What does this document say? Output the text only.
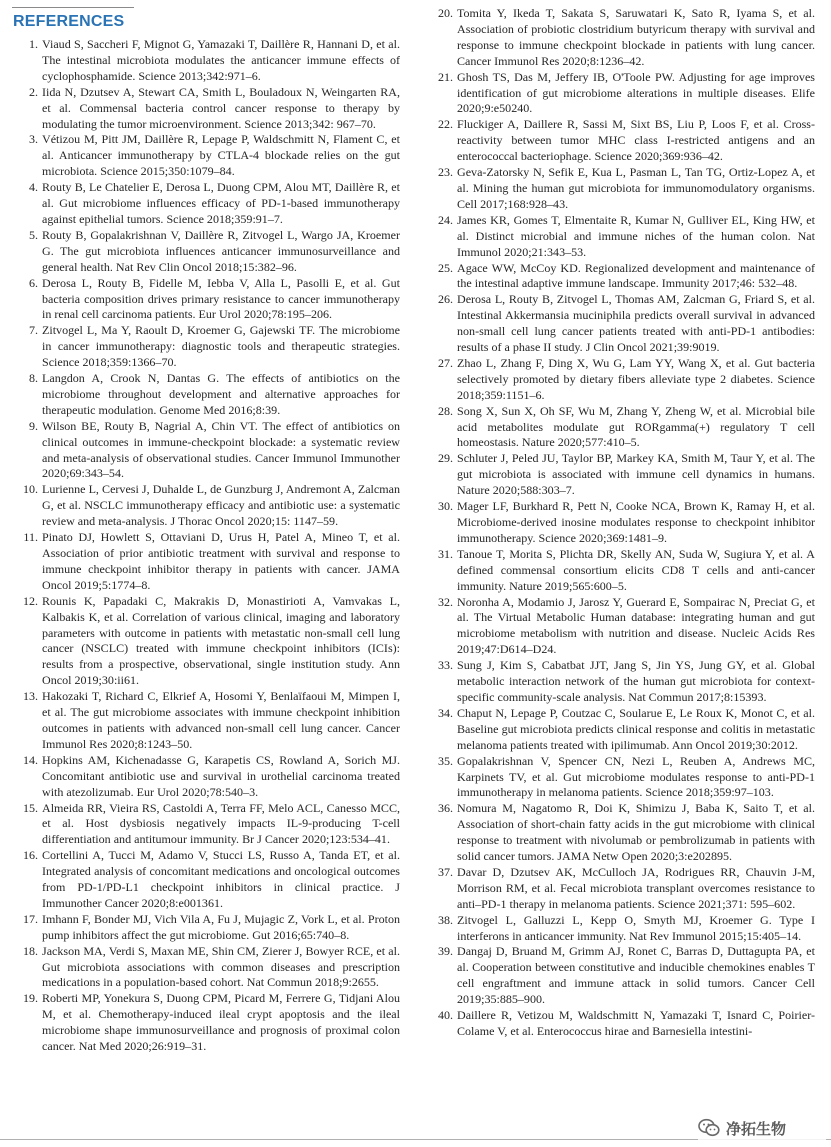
REFERENCES
1. Viaud S, Saccheri F, Mignot G, Yamazaki T, Daillère R, Hannani D, et al. The intestinal microbiota modulates the anticancer immune effects of cyclophosphamide. Science 2013;342:971–6.
2. Iida N, Dzutsev A, Stewart CA, Smith L, Bouladoux N, Weingarten RA, et al. Commensal bacteria control cancer response to therapy by modulating the tumor microenvironment. Science 2013;342: 967–70.
3. Vétizou M, Pitt JM, Daillère R, Lepage P, Waldschmitt N, Flament C, et al. Anticancer immunotherapy by CTLA-4 blockade relies on the gut microbiota. Science 2015;350:1079–84.
4. Routy B, Le Chatelier E, Derosa L, Duong CPM, Alou MT, Daillère R, et al. Gut microbiome influences efficacy of PD-1-based immunotherapy against epithelial tumors. Science 2018;359:91–7.
5. Routy B, Gopalakrishnan V, Daillère R, Zitvogel L, Wargo JA, Kroemer G. The gut microbiota influences anticancer immunosurveillance and general health. Nat Rev Clin Oncol 2018;15:382–96.
6. Derosa L, Routy B, Fidelle M, Iebba V, Alla L, Pasolli E, et al. Gut bacteria composition drives primary resistance to cancer immunotherapy in renal cell carcinoma patients. Eur Urol 2020;78:195–206.
7. Zitvogel L, Ma Y, Raoult D, Kroemer G, Gajewski TF. The microbiome in cancer immunotherapy: diagnostic tools and therapeutic strategies. Science 2018;359:1366–70.
8. Langdon A, Crook N, Dantas G. The effects of antibiotics on the microbiome throughout development and alternative approaches for therapeutic modulation. Genome Med 2016;8:39.
9. Wilson BE, Routy B, Nagrial A, Chin VT. The effect of antibiotics on clinical outcomes in immune-checkpoint blockade: a systematic review and meta-analysis of observational studies. Cancer Immunol Immunother 2020;69:343–54.
10. Lurienne L, Cervesi J, Duhalde L, de Gunzburg J, Andremont A, Zalcman G, et al. NSCLC immunotherapy efficacy and antibiotic use: a systematic review and meta-analysis. J Thorac Oncol 2020;15: 1147–59.
11. Pinato DJ, Howlett S, Ottaviani D, Urus H, Patel A, Mineo T, et al. Association of prior antibiotic treatment with survival and response to immune checkpoint inhibitor therapy in patients with cancer. JAMA Oncol 2019;5:1774–8.
12. Rounis K, Papadaki C, Makrakis D, Monastirioti A, Vamvakas L, Kalbakis K, et al. Correlation of various clinical, imaging and laboratory parameters with outcome in patients with metastatic non-small cell lung cancer (NSCLC) treated with immune checkpoint inhibitors (ICIs): results from a prospective, observational, single institution study. Ann Oncol 2019;30:ii61.
13. Hakozaki T, Richard C, Elkrief A, Hosomi Y, Benlaïfaoui M, Mimpen I, et al. The gut microbiome associates with immune checkpoint inhibition outcomes in patients with advanced non-small cell lung cancer. Cancer Immunol Res 2020;8:1243–50.
14. Hopkins AM, Kichenadasse G, Karapetis CS, Rowland A, Sorich MJ. Concomitant antibiotic use and survival in urothelial carcinoma treated with atezolizumab. Eur Urol 2020;78:540–3.
15. Almeida RR, Vieira RS, Castoldi A, Terra FF, Melo ACL, Canesso MCC, et al. Host dysbiosis negatively impacts IL-9-producing T-cell differentiation and antitumour immunity. Br J Cancer 2020;123:534–41.
16. Cortellini A, Tucci M, Adamo V, Stucci LS, Russo A, Tanda ET, et al. Integrated analysis of concomitant medications and oncological outcomes from PD-1/PD-L1 checkpoint inhibitors in clinical practice. J Immunother Cancer 2020;8:e001361.
17. Imhann F, Bonder MJ, Vich Vila A, Fu J, Mujagic Z, Vork L, et al. Proton pump inhibitors affect the gut microbiome. Gut 2016;65:740–8.
18. Jackson MA, Verdi S, Maxan ME, Shin CM, Zierer J, Bowyer RCE, et al. Gut microbiota associations with common diseases and prescription medications in a population-based cohort. Nat Commun 2018;9:2655.
19. Roberti MP, Yonekura S, Duong CPM, Picard M, Ferrere G, Tidjani Alou M, et al. Chemotherapy-induced ileal crypt apoptosis and the ileal microbiome shape immunosurveillance and prognosis of proximal colon cancer. Nat Med 2020;26:919–31.
20. Tomita Y, Ikeda T, Sakata S, Saruwatari K, Sato R, Iyama S, et al. Association of probiotic clostridium butyricum therapy with survival and response to immune checkpoint blockade in patients with lung cancer. Cancer Immunol Res 2020;8:1236–42.
21. Ghosh TS, Das M, Jeffery IB, O'Toole PW. Adjusting for age improves identification of gut microbiome alterations in multiple diseases. Elife 2020;9:e50240.
22. Fluckiger A, Daillere R, Sassi M, Sixt BS, Liu P, Loos F, et al. Cross-reactivity between tumor MHC class I-restricted antigens and an enterococcal bacteriophage. Science 2020;369:936–42.
23. Geva-Zatorsky N, Sefik E, Kua L, Pasman L, Tan TG, Ortiz-Lopez A, et al. Mining the human gut microbiota for immunomodulatory organisms. Cell 2017;168:928–43.
24. James KR, Gomes T, Elmentaite R, Kumar N, Gulliver EL, King HW, et al. Distinct microbial and immune niches of the human colon. Nat Immunol 2020;21:343–53.
25. Agace WW, McCoy KD. Regionalized development and maintenance of the intestinal adaptive immune landscape. Immunity 2017;46: 532–48.
26. Derosa L, Routy B, Zitvogel L, Thomas AM, Zalcman G, Friard S, et al. Intestinal Akkermansia muciniphila predicts overall survival in advanced non-small cell lung cancer patients treated with anti-PD-1 antibodies: results of a phase II study. J Clin Oncol 2021;39:9019.
27. Zhao L, Zhang F, Ding X, Wu G, Lam YY, Wang X, et al. Gut bacteria selectively promoted by dietary fibers alleviate type 2 diabetes. Science 2018;359:1151–6.
28. Song X, Sun X, Oh SF, Wu M, Zhang Y, Zheng W, et al. Microbial bile acid metabolites modulate gut RORgamma(+) regulatory T cell homeostasis. Nature 2020;577:410–5.
29. Schluter J, Peled JU, Taylor BP, Markey KA, Smith M, Taur Y, et al. The gut microbiota is associated with immune cell dynamics in humans. Nature 2020;588:303–7.
30. Mager LF, Burkhard R, Pett N, Cooke NCA, Brown K, Ramay H, et al. Microbiome-derived inosine modulates response to checkpoint inhibitor immunotherapy. Science 2020;369:1481–9.
31. Tanoue T, Morita S, Plichta DR, Skelly AN, Suda W, Sugiura Y, et al. A defined commensal consortium elicits CD8 T cells and anti-cancer immunity. Nature 2019;565:600–5.
32. Noronha A, Modamio J, Jarosz Y, Guerard E, Sompairac N, Preciat G, et al. The Virtual Metabolic Human database: integrating human and gut microbiome metabolism with nutrition and disease. Nucleic Acids Res 2019;47:D614–D24.
33. Sung J, Kim S, Cabatbat JJT, Jang S, Jin YS, Jung GY, et al. Global metabolic interaction network of the human gut microbiota for context-specific community-scale analysis. Nat Commun 2017;8:15393.
34. Chaput N, Lepage P, Coutzac C, Soularue E, Le Roux K, Monot C, et al. Baseline gut microbiota predicts clinical response and colitis in metastatic melanoma patients treated with ipilimumab. Ann Oncol 2019;30:2012.
35. Gopalakrishnan V, Spencer CN, Nezi L, Reuben A, Andrews MC, Karpinets TV, et al. Gut microbiome modulates response to anti-PD-1 immunotherapy in melanoma patients. Science 2018;359:97–103.
36. Nomura M, Nagatomo R, Doi K, Shimizu J, Baba K, Saito T, et al. Association of short-chain fatty acids in the gut microbiome with clinical response to treatment with nivolumab or pembrolizumab in patients with solid cancer tumors. JAMA Netw Open 2020;3:e202895.
37. Davar D, Dzutsev AK, McCulloch JA, Rodrigues RR, Chauvin J-M, Morrison RM, et al. Fecal microbiota transplant overcomes resistance to anti–PD-1 therapy in melanoma patients. Science 2021;371: 595–602.
38. Zitvogel L, Galluzzi L, Kepp O, Smyth MJ, Kroemer G. Type I interferons in anticancer immunity. Nat Rev Immunol 2015;15:405–14.
39. Dangaj D, Bruand M, Grimm AJ, Ronet C, Barras D, Duttagupta PA, et al. Cooperation between constitutive and inducible chemokines enables T cell engraftment and immune attack in solid tumors. Cancer Cell 2019;35:885–900.
40. Daillere R, Vetizou M, Waldschmitt N, Yamazaki T, Isnard C, Poirier-Colame V, et al. Enterococcus hirae and Barnesiella intestini-
净拓生物
